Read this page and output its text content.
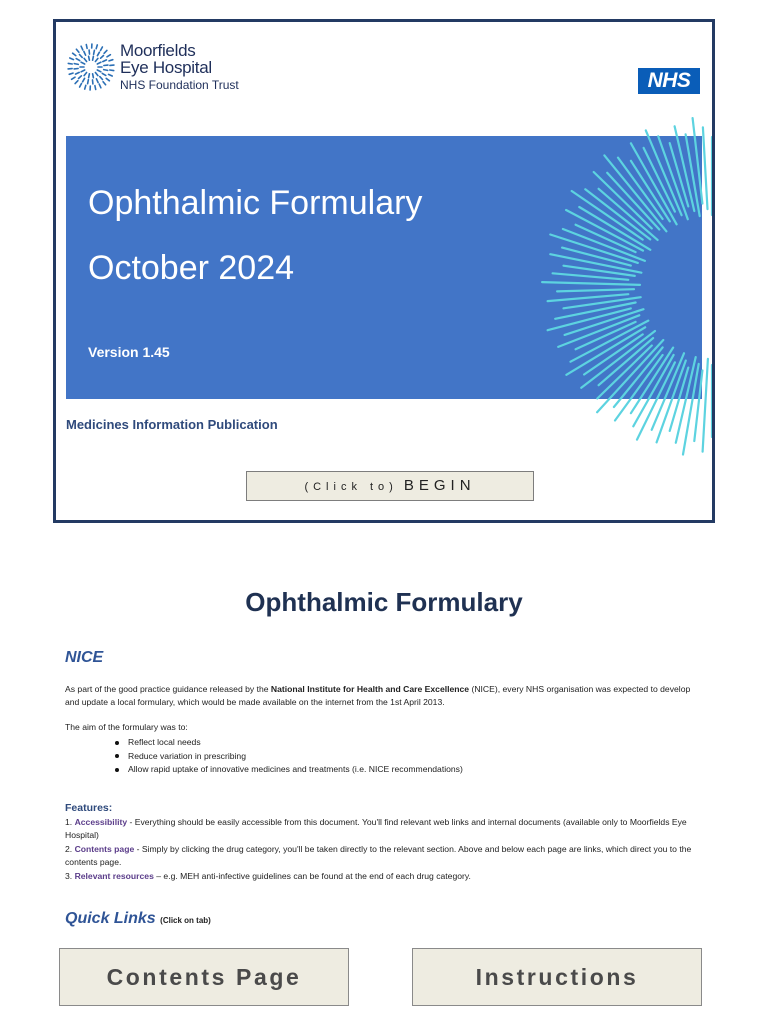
Moorfields
Eye Hospital
NHS Foundation Trust	NHS
Ophthalmic Formulary
October 2024
Version 1.45
Medicines Information Publication
(Click to) BEGIN
Ophthalmic Formulary
NICE
As part of the good practice guidance released by the National Institute for Health and Care Excellence (NICE), every NHS organisation was expected to develop and update a local formulary, which would be made available on the internet from the 1st April 2013.
The aim of the formulary was to:
Reflect local needs
Reduce variation in prescribing
Allow rapid uptake of innovative medicines and treatments (i.e. NICE recommendations)
Features:
1. Accessibility - Everything should be easily accessible from this document. You'll find relevant web links and internal documents (available only to Moorfields Eye Hospital)
2. Contents page - Simply by clicking the drug category, you'll be taken directly to the relevant section. Above and below each page are links, which direct you to the contents page.
3. Relevant resources – e.g. MEH anti-infective guidelines can be found at the end of each drug category.
Quick Links (Click on tab)
Contents Page	Instructions
